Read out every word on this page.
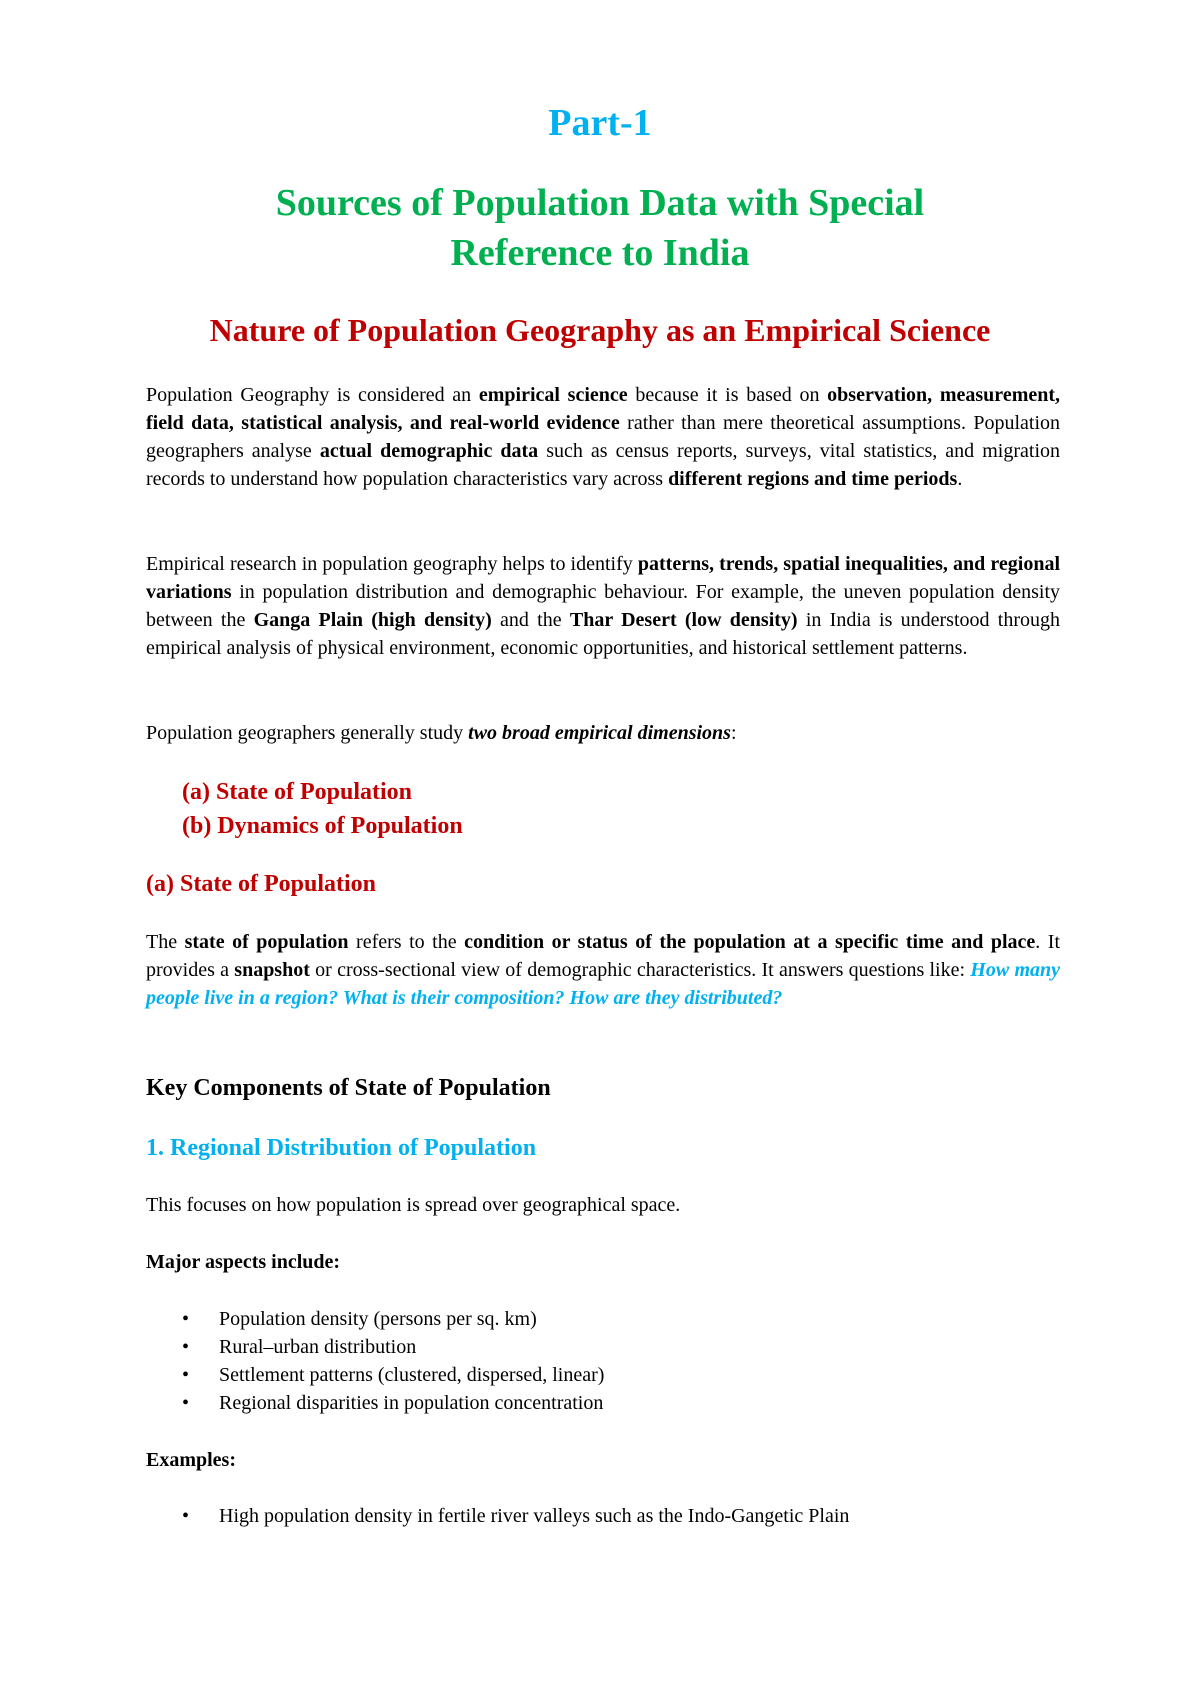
Part-1
Sources of Population Data with Special
Reference to India
Nature of Population Geography as an Empirical Science

Population Geography is considered an empirical science because it is based on observation, measurement, field data, statistical analysis, and real-world evidence rather than mere theoretical assumptions. Population geographers analyse actual demographic data such as census reports, surveys, vital statistics, and migration records to understand how population characteristics vary across different regions and time periods.

Empirical research in population geography helps to identify patterns, trends, spatial inequalities, and regional variations in population distribution and demographic behaviour. For example, the uneven population density between the Ganga Plain (high density) and the Thar Desert (low density) in India is understood through empirical analysis of physical environment, economic opportunities, and historical settlement patterns.

Population geographers generally study two broad empirical dimensions:

(a) State of Population

(b) Dynamics of Population

(a) State of Population

The state of population refers to the condition or status of the population at a specific time and place. It provides a snapshot or cross-sectional view of demographic characteristics. It answers questions like: How many people live in a region? What is their composition? How are they distributed?

Key Components of State of Population
1. Regional Distribution of Population

This focuses on how population is spread over geographical space.

Major aspects include:

• Population density (persons per sq. km)
• Rural–urban distribution
• Settlement patterns (clustered, dispersed, linear)
• Regional disparities in population concentration

Examples:

• High population density in fertile river valleys such as the Indo-Gangetic Plain
